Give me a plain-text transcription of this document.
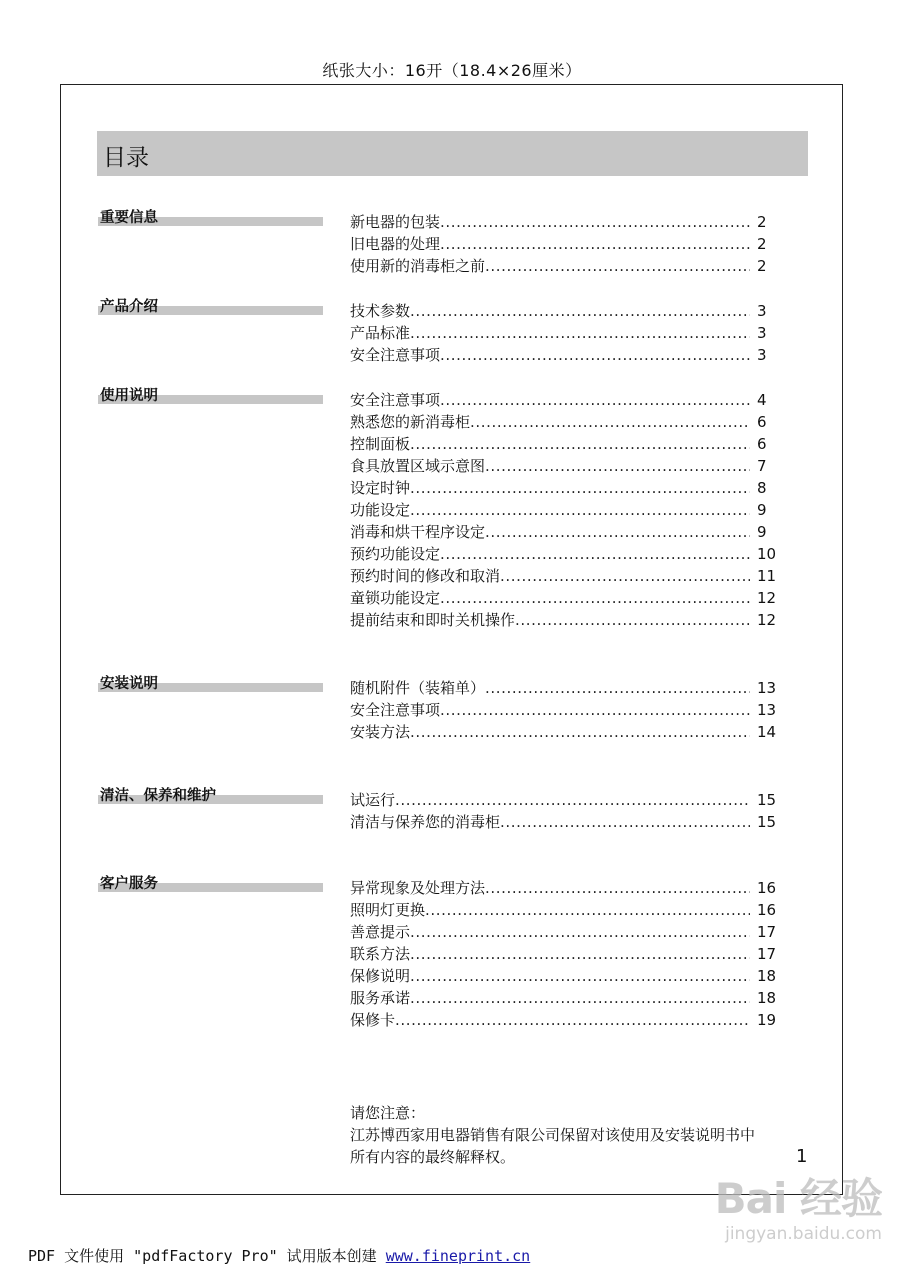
纸张大小：16开（18.4×26厘米）
目录
重要信息	新电器的包装 .....	2
旧电器的处理 .....	2
使用新的消毒柜之前 .....	2
产品介绍	技术参数 .....	3
产品标准 .....	3
安全注意事项 .....	3
使用说明	安全注意事项 .....	4
熟悉您的新消毒柜 .....	6
控制面板 .....	6
食具放置区域示意图 .....	7
设定时钟 .....	8
功能设定 .....	9
消毒和烘干程序设定 .....	9
预约功能设定 .....	10
预约时间的修改和取消 .....	11
童锁功能设定 .....	12
提前结束和即时关机操作 .....	12
安装说明	随机附件（装箱单） .....	13
安全注意事项 .....	13
安装方法 .....	14
清洁、保养和维护	试运行 .....	15
清洁与保养您的消毒柜 .....	15
客户服务	异常现象及处理方法 .....	16
照明灯更换 .....	16
善意提示 .....	17
联系方法 .....	17
保修说明 .....	18
服务承诺 .....	18
保修卡 .....	19
请您注意：
江苏博西家用电器销售有限公司保留对该使用及安装说明书中
所有内容的最终解释权。	1
PDF 文件使用 "pdfFactory Pro" 试用版本创建 www.fineprint.cn
Bai 经验
jingyan.baidu.com
